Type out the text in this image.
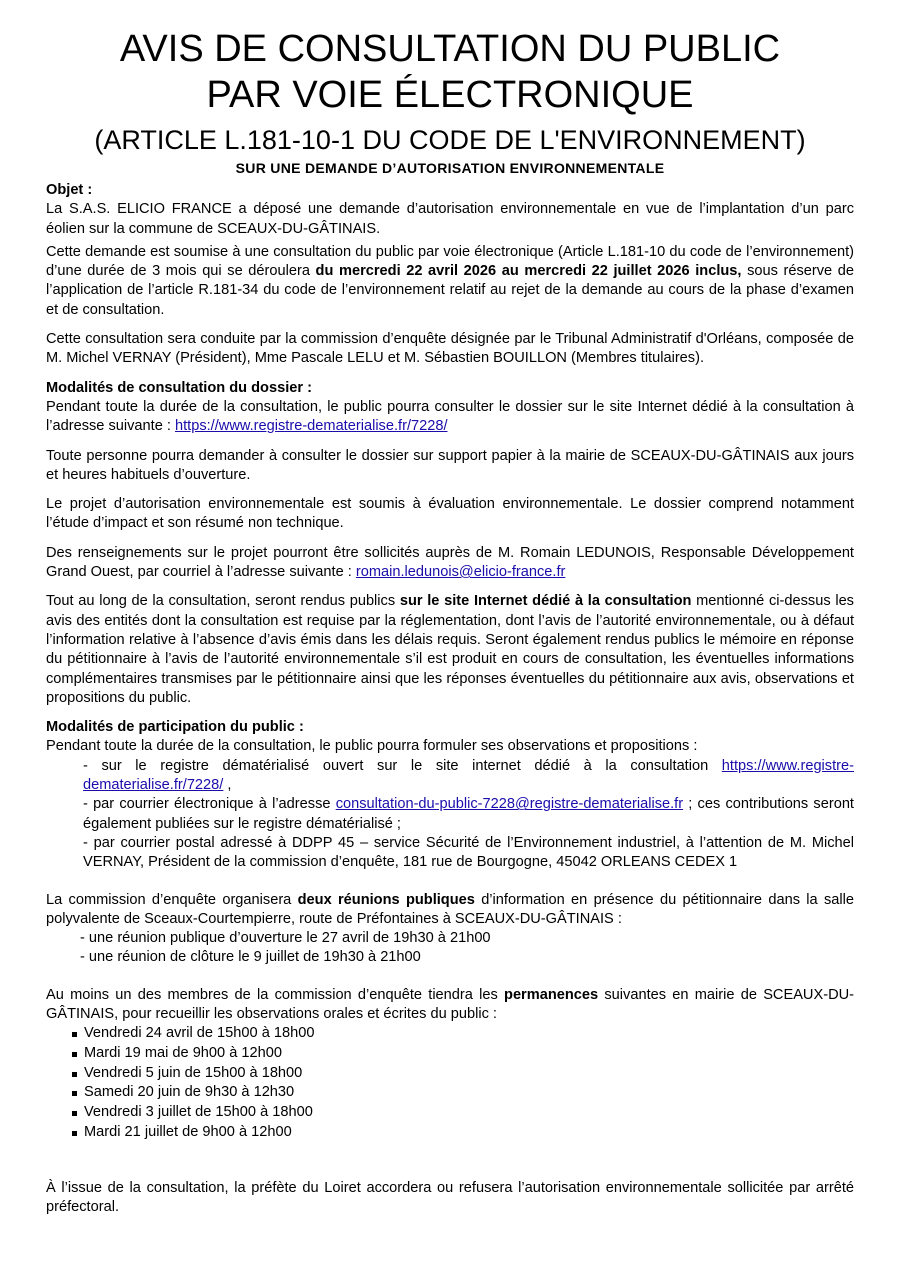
AVIS DE CONSULTATION DU PUBLIC
PAR VOIE ÉLECTRONIQUE
(ARTICLE L.181-10-1 DU CODE DE L'ENVIRONNEMENT)
SUR UNE DEMANDE D’AUTORISATION ENVIRONNEMENTALE

Objet :

La S.A.S. ELICIO FRANCE a déposé une demande d’autorisation environnementale en vue de l’implantation d’un parc éolien sur la commune de SCEAUX-DU-GÂTINAIS.

Cette demande est soumise à une consultation du public par voie électronique (Article L.181-10 du code de l’environnement) d’une durée de 3 mois qui se déroulera du mercredi 22 avril 2026 au mercredi 22 juillet 2026 inclus, sous réserve de l’application de l’article R.181-34 du code de l’environnement relatif au rejet de la demande au cours de la phase d’examen et de consultation.

Cette consultation sera conduite par la commission d’enquête désignée par le Tribunal Administratif d'Orléans, composée de M. Michel VERNAY (Président), Mme Pascale LELU et M. Sébastien BOUILLON (Membres titulaires).

Modalités de consultation du dossier :

Pendant toute la durée de la consultation, le public pourra consulter le dossier sur le site Internet dédié à la consultation à l’adresse suivante : https://www.registre-dematerialise.fr/7228/

Toute personne pourra demander à consulter le dossier sur support papier à la mairie de SCEAUX-DU-GÂTINAIS aux jours et heures habituels d’ouverture.

Le projet d’autorisation environnementale est soumis à évaluation environnementale. Le dossier comprend notamment l’étude d’impact et son résumé non technique.

Des renseignements sur le projet pourront être sollicités auprès de M. Romain LEDUNOIS, Responsable Développement Grand Ouest, par courriel à l’adresse suivante : romain.ledunois@elicio-france.fr

Tout au long de la consultation, seront rendus publics sur le site Internet dédié à la consultation mentionné ci-dessus les avis des entités dont la consultation est requise par la réglementation, dont l’avis de l’autorité environnementale, ou à défaut l’information relative à l’absence d’avis émis dans les délais requis. Seront également rendus publics le mémoire en réponse du pétitionnaire à l’avis de l’autorité environnementale s’il est produit en cours de consultation, les éventuelles informations complémentaires transmises par le pétitionnaire ainsi que les réponses éventuelles du pétitionnaire aux avis, observations et propositions du public.

Modalités de participation du public :

Pendant toute la durée de la consultation, le public pourra formuler ses observations et propositions :

- sur le registre dématérialisé ouvert sur le site internet dédié à la consultation https://www.registre-dematerialise.fr/7228/ ,

- par courrier électronique à l’adresse consultation-du-public-7228@registre-dematerialise.fr ; ces contributions seront également publiées sur le registre dématérialisé ;

- par courrier postal adressé à DDPP 45 – service Sécurité de l’Environnement industriel, à l’attention de M. Michel VERNAY, Président de la commission d’enquête, 181 rue de Bourgogne, 45042 ORLEANS CEDEX 1

La commission d’enquête organisera deux réunions publiques d’information en présence du pétitionnaire dans la salle polyvalente de Sceaux-Courtempierre, route de Préfontaines à SCEAUX-DU-GÂTINAIS :

- une réunion publique d’ouverture le 27 avril de 19h30 à 21h00

- une réunion de clôture le 9 juillet de 19h30 à 21h00

Au moins un des membres de la commission d’enquête tiendra les permanences suivantes en mairie de SCEAUX-DU-GÂTINAIS, pour recueillir les observations orales et écrites du public :

Vendredi 24 avril de 15h00 à 18h00
Mardi 19 mai de 9h00 à 12h00
Vendredi 5 juin de 15h00 à 18h00
Samedi 20 juin de 9h30 à 12h30
Vendredi 3 juillet de 15h00 à 18h00
Mardi 21 juillet de 9h00 à 12h00

À l’issue de la consultation, la préfète du Loiret accordera ou refusera l’autorisation environnementale sollicitée par arrêté préfectoral.
